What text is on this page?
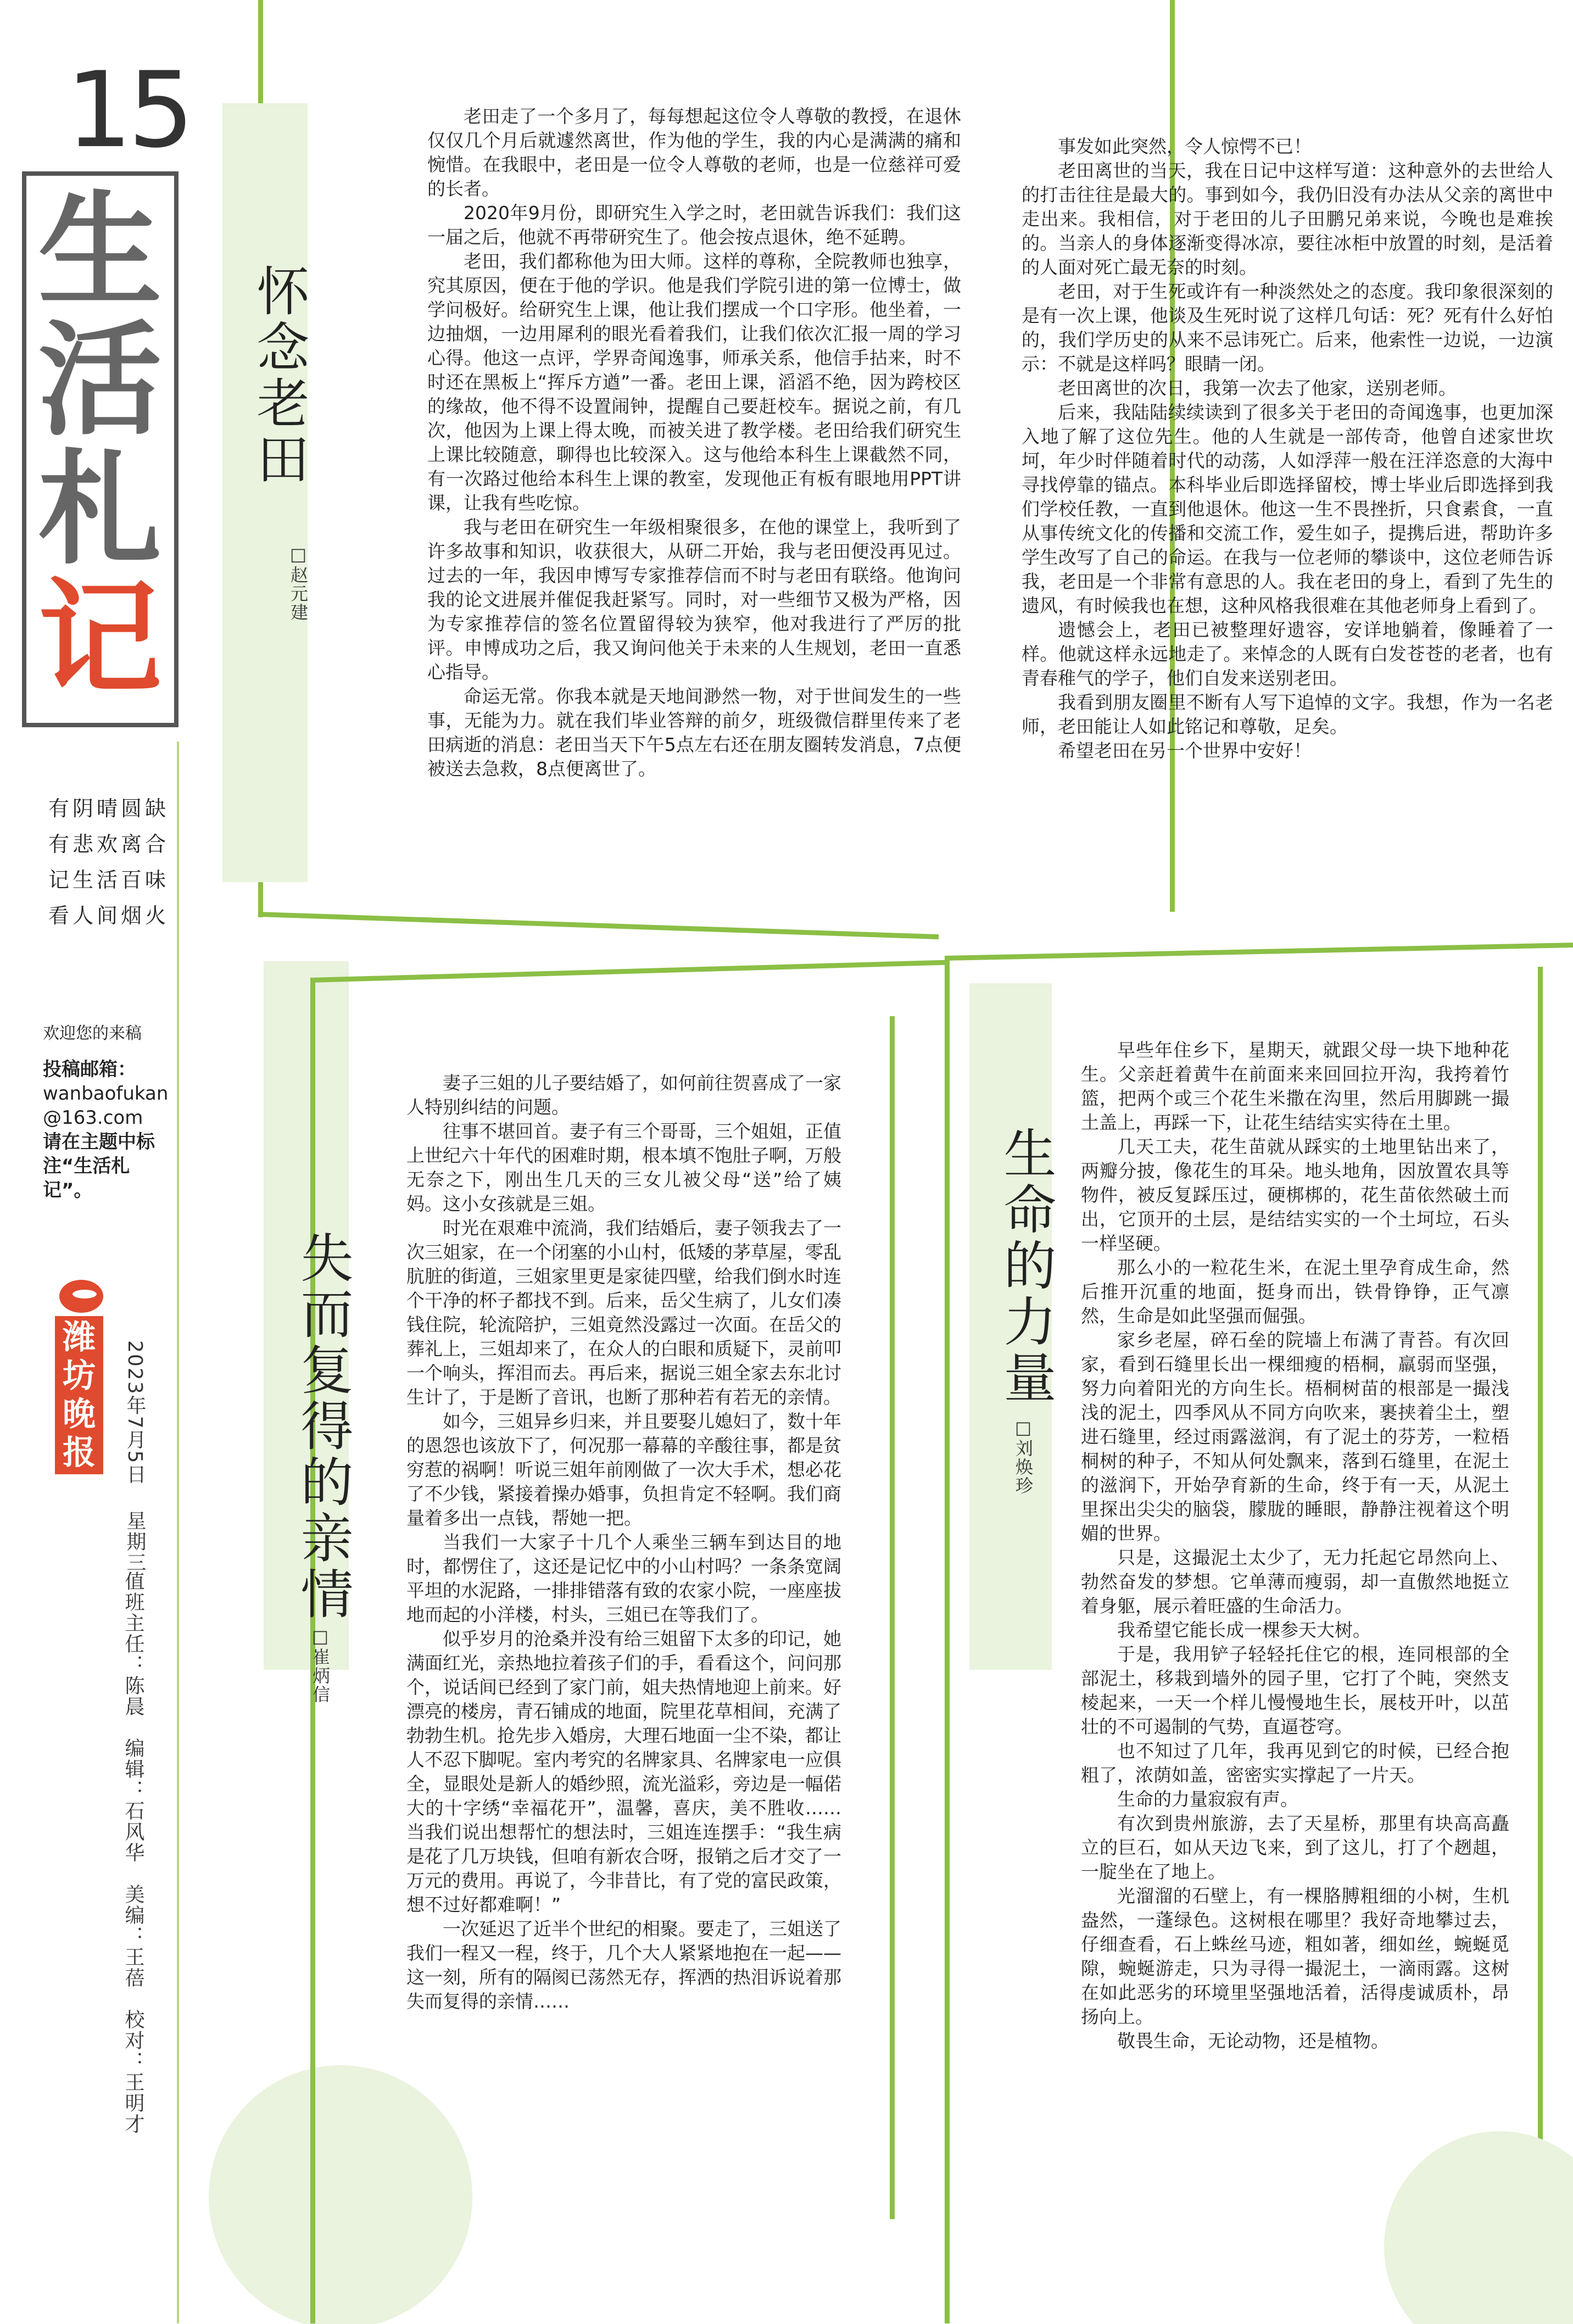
15
生
活
札
记
有阴晴圆缺
有悲欢离合
记生活百味
看人间烟火
欢迎您的来稿
投稿邮箱：
wanbaofukan
@163.com
请在主题中标注“生活札记”。
潍坊晚报	2023年7月5日
星期三
值班主任：陈晨　编辑：石风华　美编：王蓓　校对：王明才
怀念老田
□赵元建

老田走了一个多月了，每每想起这位令人尊敬的教授，在退休仅仅几个月后就遽然离世，作为他的学生，我的内心是满满的痛和惋惜。在我眼中，老田是一位令人尊敬的老师，也是一位慈祥可爱的长者。

2020年9月份，即研究生入学之时，老田就告诉我们：我们这一届之后，他就不再带研究生了。他会按点退休，绝不延聘。

老田，我们都称他为田大师。这样的尊称，全院教师也独享，究其原因，便在于他的学识。他是我们学院引进的第一位博士，做学问极好。给研究生上课，他让我们摆成一个口字形。他坐着，一边抽烟，一边用犀利的眼光看着我们，让我们依次汇报一周的学习心得。他这一点评，学界奇闻逸事，师承关系，他信手拈来，时不时还在黑板上“挥斥方遒”一番。老田上课，滔滔不绝，因为跨校区的缘故，他不得不设置闹钟，提醒自己要赶校车。据说之前，有几次，他因为上课上得太晚，而被关进了教学楼。老田给我们研究生上课比较随意，聊得也比较深入。这与他给本科生上课截然不同，有一次路过他给本科生上课的教室，发现他正有板有眼地用PPT讲课，让我有些吃惊。

我与老田在研究生一年级相聚很多，在他的课堂上，我听到了许多故事和知识，收获很大，从研二开始，我与老田便没再见过。过去的一年，我因申博写专家推荐信而不时与老田有联络。他询问我的论文进展并催促我赶紧写。同时，对一些细节又极为严格，因为专家推荐信的签名位置留得较为狭窄，他对我进行了严厉的批评。申博成功之后，我又询问他关于未来的人生规划，老田一直悉心指导。

命运无常。你我本就是天地间渺然一物，对于世间发生的一些事，无能为力。就在我们毕业答辩的前夕，班级微信群里传来了老田病逝的消息：老田当天下午5点左右还在朋友圈转发消息，7点便被送去急救，8点便离世了。

事发如此突然，令人惊愕不已！

老田离世的当天，我在日记中这样写道：这种意外的去世给人的打击往往是最大的。事到如今，我仍旧没有办法从父亲的离世中走出来。我相信，对于老田的儿子田鹏兄弟来说，今晚也是难挨的。当亲人的身体逐渐变得冰凉，要往冰柜中放置的时刻，是活着的人面对死亡最无奈的时刻。

老田，对于生死或许有一种淡然处之的态度。我印象很深刻的是有一次上课，他谈及生死时说了这样几句话：死？死有什么好怕的，我们学历史的从来不忌讳死亡。后来，他索性一边说，一边演示：不就是这样吗？眼睛一闭。

老田离世的次日，我第一次去了他家，送别老师。

后来，我陆陆续续读到了很多关于老田的奇闻逸事，也更加深入地了解了这位先生。他的人生就是一部传奇，他曾自述家世坎坷，年少时伴随着时代的动荡，人如浮萍一般在汪洋恣意的大海中寻找停靠的锚点。本科毕业后即选择留校，博士毕业后即选择到我们学校任教，一直到他退休。他这一生不畏挫折，只食素食，一直从事传统文化的传播和交流工作，爱生如子，提携后进，帮助许多学生改写了自己的命运。在我与一位老师的攀谈中，这位老师告诉我，老田是一个非常有意思的人。我在老田的身上，看到了先生的遗风，有时候我也在想，这种风格我很难在其他老师身上看到了。

遗憾会上，老田已被整理好遗容，安详地躺着，像睡着了一样。他就这样永远地走了。来悼念的人既有白发苍苍的老者，也有青春稚气的学子，他们自发来送别老田。

我看到朋友圈里不断有人写下追悼的文字。我想，作为一名老师，老田能让人如此铭记和尊敬，足矣。

希望老田在另一个世界中安好！

失而复得的亲情
□崔炳信

妻子三姐的儿子要结婚了，如何前往贺喜成了一家人特别纠结的问题。

往事不堪回首。妻子有三个哥哥，三个姐姐，正值上世纪六十年代的困难时期，根本填不饱肚子啊，万般无奈之下，刚出生几天的三女儿被父母“送”给了姨妈。这小女孩就是三姐。

时光在艰难中流淌，我们结婚后，妻子领我去了一次三姐家，在一个闭塞的小山村，低矮的茅草屋，零乱肮脏的街道，三姐家里更是家徒四壁，给我们倒水时连个干净的杯子都找不到。后来，岳父生病了，儿女们凑钱住院，轮流陪护，三姐竟然没露过一次面。在岳父的葬礼上，三姐却来了，在众人的白眼和质疑下，灵前叩一个响头，挥泪而去。再后来，据说三姐全家去东北讨生计了，于是断了音讯，也断了那种若有若无的亲情。

如今，三姐异乡归来，并且要娶儿媳妇了，数十年的恩怨也该放下了，何况那一幕幕的辛酸往事，都是贫穷惹的祸啊！听说三姐年前刚做了一次大手术，想必花了不少钱，紧接着操办婚事，负担肯定不轻啊。我们商量着多出一点钱，帮她一把。

当我们一大家子十几个人乘坐三辆车到达目的地时，都愣住了，这还是记忆中的小山村吗？一条条宽阔平坦的水泥路，一排排错落有致的农家小院，一座座拔地而起的小洋楼，村头，三姐已在等我们了。

似乎岁月的沧桑并没有给三姐留下太多的印记，她满面红光，亲热地拉着孩子们的手，看看这个，问问那个，说话间已经到了家门前，姐夫热情地迎上前来。好漂亮的楼房，青石铺成的地面，院里花草相间，充满了勃勃生机。抢先步入婚房，大理石地面一尘不染，都让人不忍下脚呢。室内考究的名牌家具、名牌家电一应俱全，显眼处是新人的婚纱照，流光溢彩，旁边是一幅偌大的十字绣“幸福花开”，温馨，喜庆，美不胜收……当我们说出想帮忙的想法时，三姐连连摆手：“我生病是花了几万块钱，但咱有新农合呀，报销之后才交了一万元的费用。再说了，今非昔比，有了党的富民政策，想不过好都难啊！”

一次延迟了近半个世纪的相聚。要走了，三姐送了我们一程又一程，终于，几个大人紧紧地抱在一起——这一刻，所有的隔阂已荡然无存，挥洒的热泪诉说着那失而复得的亲情……

生命的力量
□刘焕珍

早些年住乡下，星期天，就跟父母一块下地种花生。父亲赶着黄牛在前面来来回回拉开沟，我挎着竹篮，把两个或三个花生米撒在沟里，然后用脚跳一撮土盖上，再踩一下，让花生结结实实待在土里。

几天工夫，花生苗就从踩实的土地里钻出来了，两瓣分披，像花生的耳朵。地头地角，因放置农具等物件，被反复踩压过，硬梆梆的，花生苗依然破土而出，它顶开的土层，是结结实实的一个土坷垃，石头一样坚硬。

那么小的一粒花生米，在泥土里孕育成生命，然后推开沉重的地面，挺身而出，铁骨铮铮，正气凛然，生命是如此坚强而倔强。

家乡老屋，碎石垒的院墙上布满了青苔。有次回家，看到石缝里长出一棵细瘦的梧桐，羸弱而坚强，努力向着阳光的方向生长。梧桐树苗的根部是一撮浅浅的泥土，四季风从不同方向吹来，裹挟着尘土，塑进石缝里，经过雨露滋润，有了泥土的芬芳，一粒梧桐树的种子，不知从何处飘来，落到石缝里，在泥土的滋润下，开始孕育新的生命，终于有一天，从泥土里探出尖尖的脑袋，朦胧的睡眼，静静注视着这个明媚的世界。

只是，这撮泥土太少了，无力托起它昂然向上、勃然奋发的梦想。它单薄而瘦弱，却一直傲然地挺立着身躯，展示着旺盛的生命活力。

我希望它能长成一棵参天大树。

于是，我用铲子轻轻托住它的根，连同根部的全部泥土，移栽到墙外的园子里，它打了个盹，突然支棱起来，一天一个样儿慢慢地生长，展枝开叶，以茁壮的不可遏制的气势，直逼苍穹。

也不知过了几年，我再见到它的时候，已经合抱粗了，浓荫如盖，密密实实撑起了一片天。

生命的力量寂寂有声。

有次到贵州旅游，去了天星桥，那里有块高高矗立的巨石，如从天边飞来，到了这儿，打了个趔趄，一腚坐在了地上。

光溜溜的石壁上，有一棵胳膊粗细的小树，生机盎然，一蓬绿色。这树根在哪里？我好奇地攀过去，仔细查看，石上蛛丝马迹，粗如著，细如丝，蜿蜒觅隙，蜿蜒游走，只为寻得一撮泥土，一滴雨露。这树在如此恶劣的环境里坚强地活着，活得虔诚质朴，昂扬向上。

敬畏生命，无论动物，还是植物。
